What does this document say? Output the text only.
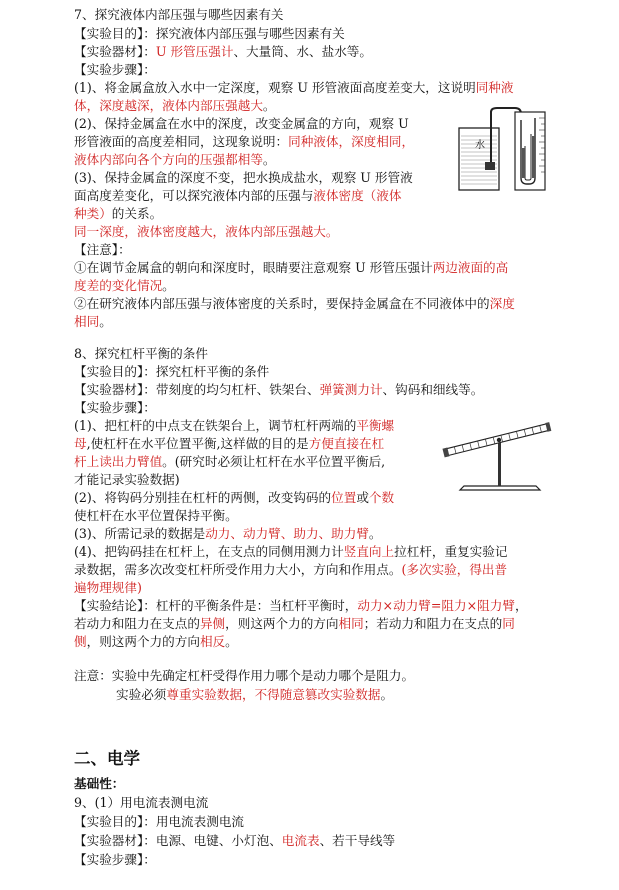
7、探究液体内部压强与哪些因素有关
【实验目的】：探究液体内部压强与哪些因素有关
【实验器材】：U 形管压强计、大量筒、水、盐水等。
【实验步骤】：
(1)、将金属盒放入水中一定深度，观察 U 形管液面高度差变大，这说明同种液
体，深度越深，液体内部压强越大。
(2)、保持金属盒在水中的深度，改变金属盒的方向，观察 U
形管液面的高度差相同，这现象说明：同种液体，深度相同，
液体内部向各个方向的压强都相等。
(3)、保持金属盒的深度不变，把水换成盐水，观察 U 形管液
面高度差变化，可以探究液体内部的压强与液体密度（液体
种类）的关系。
同一深度，液体密度越大，液体内部压强越大。
【注意】：
①在调节金属盒的朝向和深度时，眼睛要注意观察 U 形管压强计两边液面的高
度差的变化情况。
②在研究液体内部压强与液体密度的关系时，要保持金属盒在不同液体中的深度
相同。
水
8、探究杠杆平衡的条件
【实验目的】：探究杠杆平衡的条件
【实验器材】：带刻度的均匀杠杆、铁架台、弹簧测力计、钩码和细线等。
【实验步骤】：
(1)、把杠杆的中点支在铁架台上，调节杠杆两端的平衡螺
母,使杠杆在水平位置平衡,这样做的目的是方便直接在杠
杆上读出力臂值。(研究时必须让杠杆在水平位置平衡后,
才能记录实验数据)
(2)、将钩码分别挂在杠杆的两侧，改变钩码的位置或个数
使杠杆在水平位置保持平衡。
(3)、所需记录的数据是动力、动力臂、助力、助力臂。
(4)、把钩码挂在杠杆上，在支点的同侧用测力计竖直向上拉杠杆，重复实验记
录数据，需多次改变杠杆所受作用力大小，方向和作用点。(多次实验，得出普
遍物理规律)
【实验结论】：杠杆的平衡条件是：当杠杆平衡时，动力×动力臂=阻力×阻力臂，
若动力和阻力在支点的异侧，则这两个力的方向相同；若动力和阻力在支点的同
侧，则这两个力的方向相反。
注意：实验中先确定杠杆受得作用力哪个是动力哪个是阻力。
实验必须尊重实验数据，不得随意篡改实验数据。
二、电学
基础性：
9、(1）用电流表测电流
【实验目的】：用电流表测电流
【实验器材】：电源、电键、小灯泡、电流表、若干导线等
【实验步骤】：
